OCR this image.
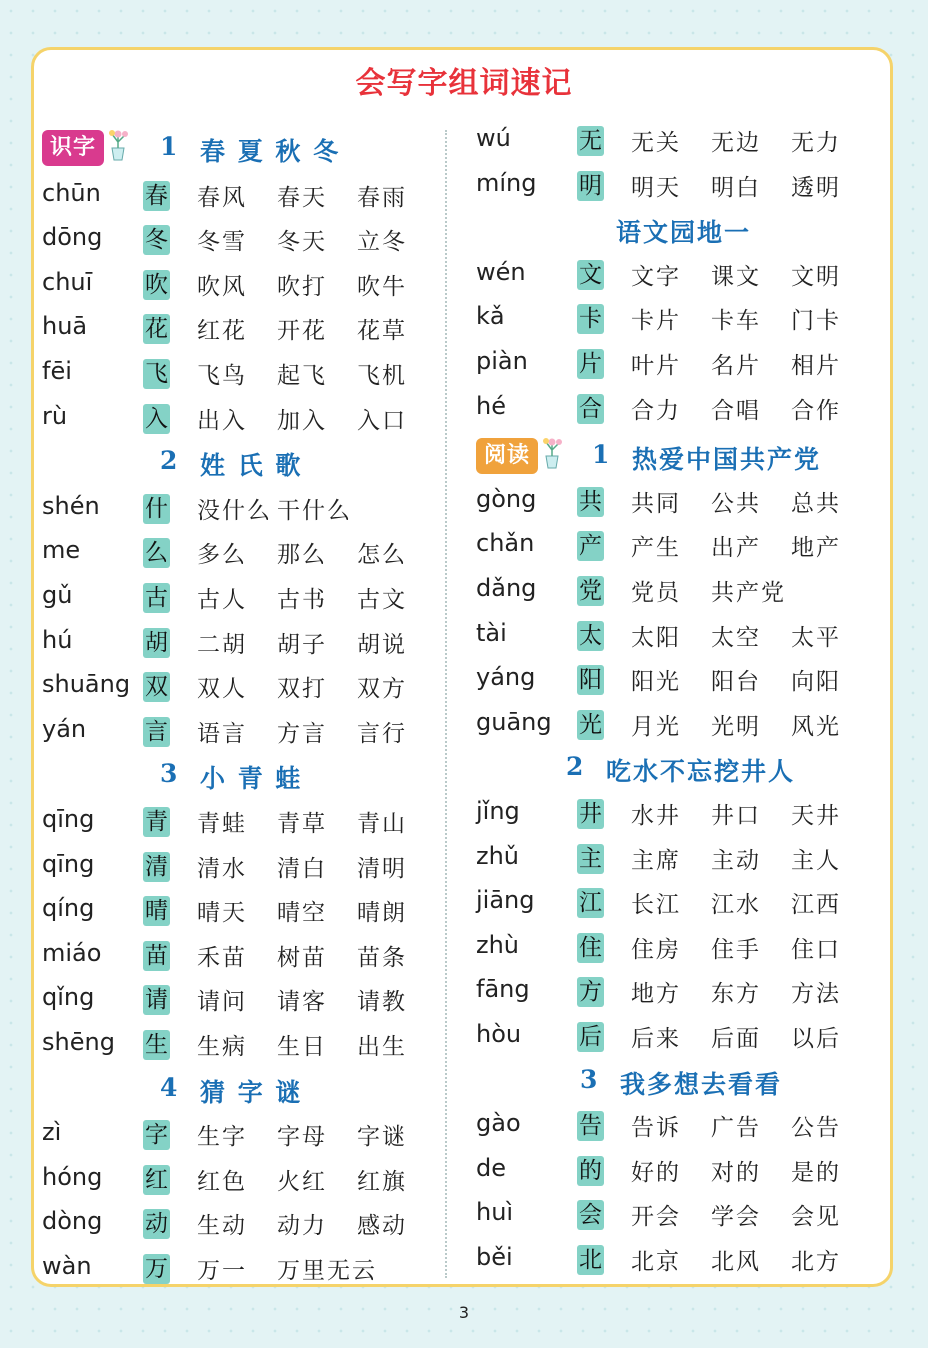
会写字组词速记
识字	1 春 夏 秋 冬
chūn 春 春风 春天 春雨
dōng 冬 冬雪 冬天 立冬
chuī 吹 吹风 吹打 吹牛
huā	花 红花 开花 花草
fēi	飞 飞鸟 起飞 飞机
rù	入 出入 加入 入口
2 姓 氏 歌
shén 什 没什么 干什么
me	么 多么 那么 怎么
gǔ	古 古人 古书 古文
hú	胡 二胡 胡子 胡说
shuāng 双 双人 双打 双方
yán	言 语言 方言 言行
3 小 青 蛙
qīng 青 青蛙 青草 青山
qīng 清 清水 清白 清明
qíng 晴 晴天 晴空 晴朗
miáo 苗 禾苗 树苗 苗条
qǐng 请 请问 请客 请教
shēng 生 生病 生日 出生
4 猜 字 谜
zì	字 生字 字母 字谜
hóng 红 红色 火红 红旗
dòng 动 生动 动力 感动
wàn 万 万一 万里无云
wú	无 无关 无边 无力
míng 明 明天 明白 透明
语文园地一
wén 文 文字 课文 文明
kǎ	卡 卡片 卡车 门卡
piàn 片 叶片 名片 相片
hé	合 合力 合唱 合作
阅读	1 热爱中国共产党
gòng 共 共同 公共 总共
chǎn 产 产生 出产 地产
dǎng 党 党员 共产党
tài	太 太阳 太空 太平
yáng 阳 阳光 阳台 向阳
guāng 光 月光 光明 风光
2 吃水不忘挖井人
jǐng	井 水井 井口 天井
zhǔ	主 主席 主动 主人
jiāng 江 长江 江水 江西
zhù	住 住房 住手 住口
fāng 方 地方 东方 方法
hòu	后 后来 后面 以后
3 我多想去看看
gào	告 告诉 广告 公告
de	的 好的 对的 是的
huì	会 开会 学会 会见
běi	北 北京 北风 北方
3
